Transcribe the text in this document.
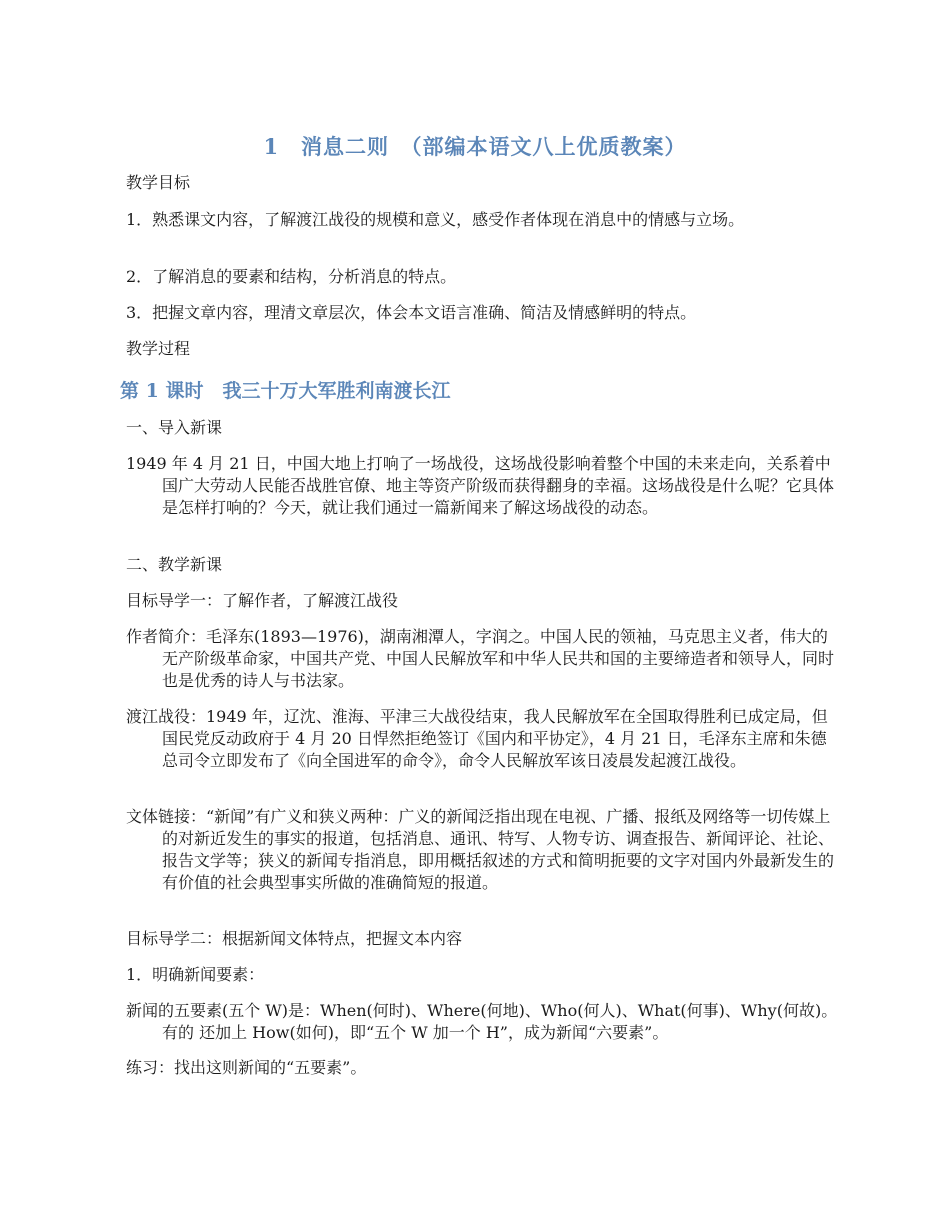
1　消息二则　（部编本语文八上优质教案）
教学目标
1．熟悉课文内容，了解渡江战役的规模和意义，感受作者体现在消息中的情感与立场。
2．了解消息的要素和结构，分析消息的特点。
3．把握文章内容，理清文章层次，体会本文语言准确、简洁及情感鲜明的特点。
教学过程
第 1 课时　我三十万大军胜利南渡长江
一、导入新课
1949 年 4 月 21 日，中国大地上打响了一场战役，这场战役影响着整个中国的未来走向，关系着中国广大劳动人民能否战胜官僚、地主等资产阶级而获得翻身的幸福。这场战役是什么呢？它具体是怎样打响的？今天，就让我们通过一篇新闻来了解这场战役的动态。
二、教学新课
目标导学一：了解作者，了解渡江战役
作者简介：毛泽东(1893—1976)，湖南湘潭人，字润之。中国人民的领袖，马克思主义者，伟大的无产阶级革命家，中国共产党、中国人民解放军和中华人民共和国的主要缔造者和领导人，同时也是优秀的诗人与书法家。
渡江战役：1949 年，辽沈、淮海、平津三大战役结束，我人民解放军在全国取得胜利已成定局，但国民党反动政府于 4 月 20 日悍然拒绝签订《国内和平协定》，4 月 21 日，毛泽东主席和朱德总司令立即发布了《向全国进军的命令》，命令人民解放军该日凌晨发起渡江战役。
文体链接：“新闻”有广义和狭义两种：广义的新闻泛指出现在电视、广播、报纸及网络等一切传媒上的对新近发生的事实的报道，包括消息、通讯、特写、人物专访、调查报告、新闻评论、社论、报告文学等；狭义的新闻专指消息，即用概括叙述的方式和简明扼要的文字对国内外最新发生的有价值的社会典型事实所做的准确简短的报道。
目标导学二：根据新闻文体特点，把握文本内容
1．明确新闻要素：
新闻的五要素(五个 W)是：When(何时)、Where(何地)、Who(何人)、What(何事)、Why(何故)。有的 还加上 How(如何)，即“五个 W 加一个 H”，成为新闻“六要素”。
练习：找出这则新闻的“五要素”。
